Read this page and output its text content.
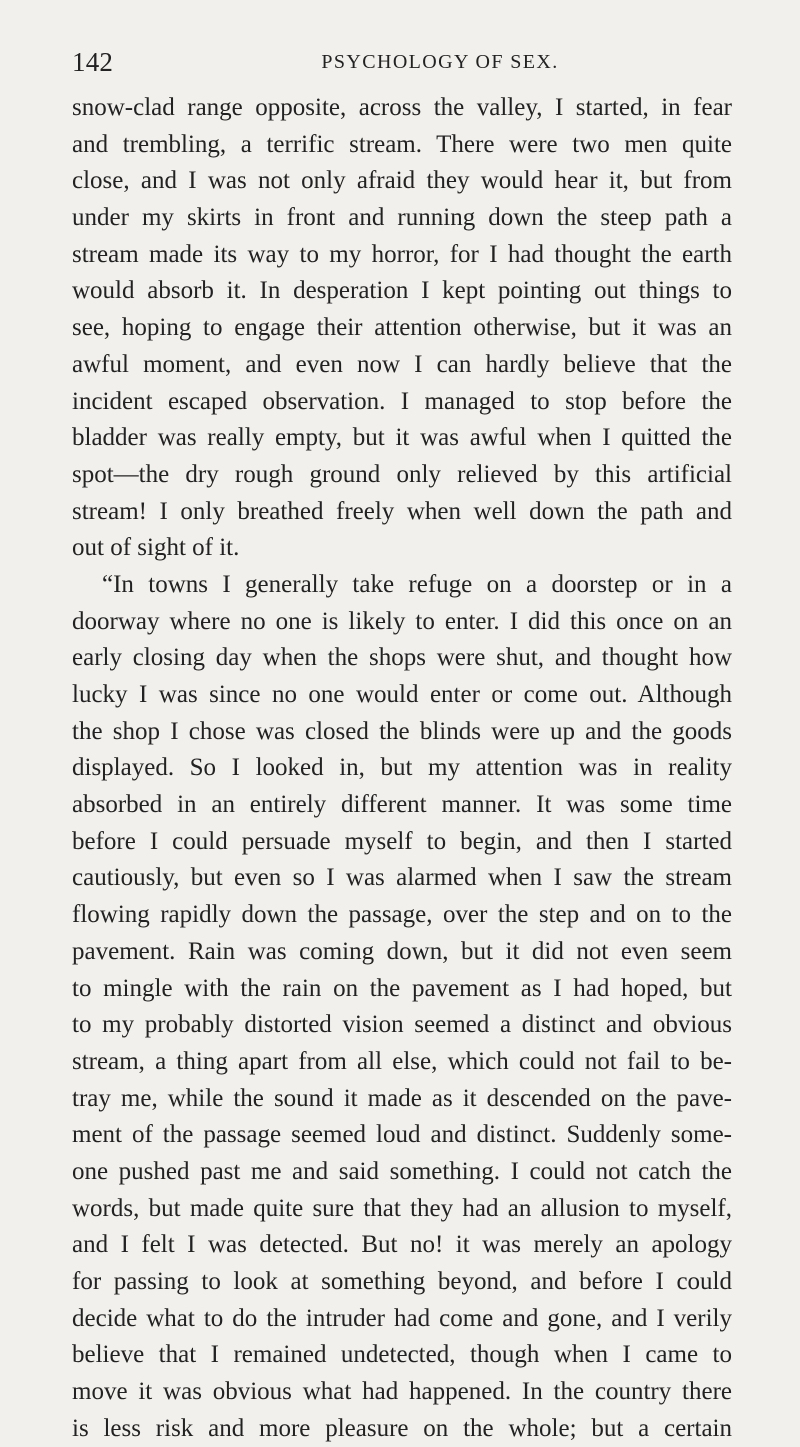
142	PSYCHOLOGY OF SEX.
snow-clad range opposite, across the valley, I started, in fear
and trembling, a terrific stream. There were two men quite
close, and I was not only afraid they would hear it, but from
under my skirts in front and running down the steep path a
stream made its way to my horror, for I had thought the earth
would absorb it. In desperation I kept pointing out things to
see, hoping to engage their attention otherwise, but it was an
awful moment, and even now I can hardly believe that the
incident escaped observation. I managed to stop before the
bladder was really empty, but it was awful when I quitted the
spot—the dry rough ground only relieved by this artificial
stream! I only breathed freely when well down the path and
out of sight of it.
“In towns I generally take refuge on a doorstep or in a
doorway where no one is likely to enter. I did this once on an
early closing day when the shops were shut, and thought how
lucky I was since no one would enter or come out. Although
the shop I chose was closed the blinds were up and the goods
displayed. So I looked in, but my attention was in reality
absorbed in an entirely different manner. It was some time
before I could persuade myself to begin, and then I started
cautiously, but even so I was alarmed when I saw the stream
flowing rapidly down the passage, over the step and on to the
pavement. Rain was coming down, but it did not even seem
to mingle with the rain on the pavement as I had hoped, but
to my probably distorted vision seemed a distinct and obvious
stream, a thing apart from all else, which could not fail to be-
tray me, while the sound it made as it descended on the pave-
ment of the passage seemed loud and distinct. Suddenly some-
one pushed past me and said something. I could not catch the
words, but made quite sure that they had an allusion to myself,
and I felt I was detected. But no! it was merely an apology
for passing to look at something beyond, and before I could
decide what to do the intruder had come and gone, and I verily
believe that I remained undetected, though when I came to
move it was obvious what had happened. In the country there
is less risk and more pleasure on the whole; but a certain
